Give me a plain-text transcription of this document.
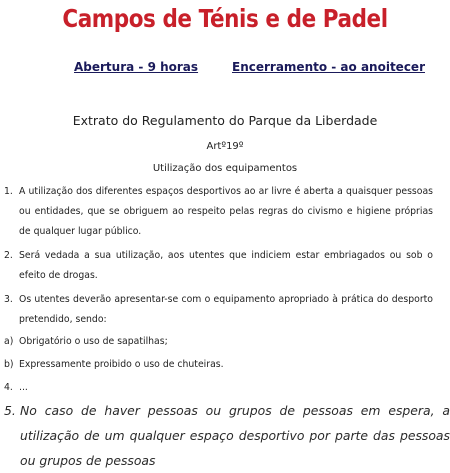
Campos de Ténis e de Padel
Abertura - 9 horas	Encerramento - ao anoitecer
Extrato do Regulamento do Parque da Liberdade
Artº19º
Utilização dos equipamentos
1. A utilização dos diferentes espaços desportivos ao ar livre é aberta a quaisquer pessoas ou entidades, que se obriguem ao respeito pelas regras do civismo e higiene próprias de qualquer lugar público.
2. Será vedada a sua utilização, aos utentes que indiciem estar embriagados ou sob o efeito de drogas.
3. Os utentes deverão apresentar-se com o equipamento apropriado à prática do desporto pretendido, sendo:
a) Obrigatório o uso de sapatilhas;
b) Expressamente proibido o uso de chuteiras.
4. ...
5. No caso de haver pessoas ou grupos de pessoas em espera, a utilização de um qualquer espaço desportivo por parte das pessoas ou grupos de pessoas
